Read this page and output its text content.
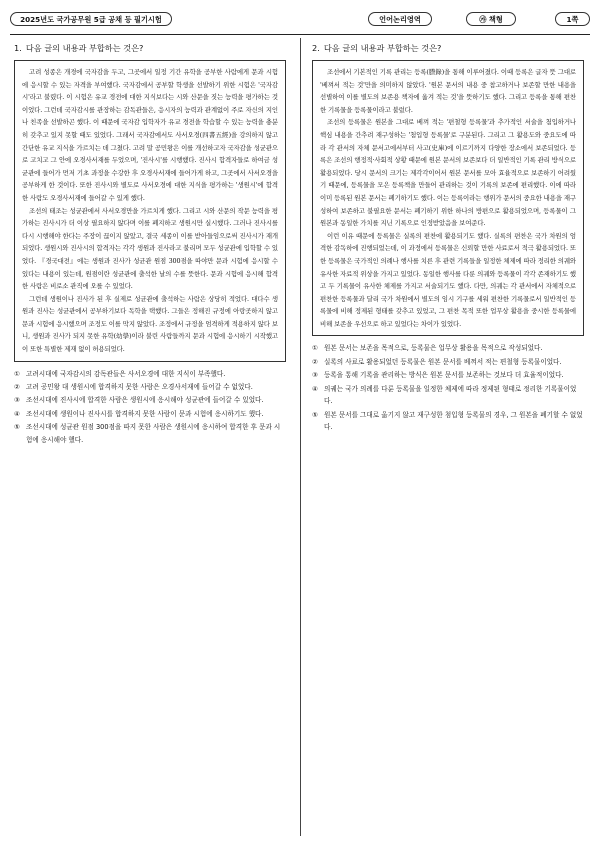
2025년도 국가공무원 5급 공채 등 필기시험	언어논리영역	㉮ 책형	1쪽
1. 다음 글의 내용과 부합하는 것은?

고려 성종은 개경에 국자감을 두고, 그곳에서 일정 기간 유학을 공부한 사람에게 문과 시험에 응시할 수 있는 자격을 부여했다. 국자감에서 공부할 학생을 선발하기 위한 시험은 '국자감시'라고 불렸다. 이 시험은 유교 경전에 대한 지식보다는 시와 산문을 짓는 능력을 평가하는 것이었다. 그런데 국자감시를 관장하는 감독관들은, 응시자의 능력과 관계없이 주로 자신의 지인나 친족을 선발하곤 했다. 이 때문에 국자감 입학자가 유교 경전을 학습할 수 있는 능력을 충분히 갖추고 있지 못할 때도 있었다. 그래서 국자감에서도 사서오경(四書五經)을 강의하지 않고 간단한 유교 지식을 가르치는 데 그쳤다. 고려 말 공민왕은 이를 개선하고자 국자감을 성균관으로 고치고 그 안에 오경사서재를 두었으며, '진사시'를 시행했다. 진사시 합격자들로 하여금 성균관에 들어가 먼저 기초 과정을 수강한 후 오경사서재에 들어가게 하고, 그곳에서 사서오경을 공부하게 한 것이다. 또한 진사시와 별도로 사서오경에 대한 지식을 평가하는 '생원시'에 합격한 사람도 오경사서재에 들어갈 수 있게 했다.

조선의 태조는 성균관에서 사서오경만을 가르치게 했다. 그리고 시와 산문의 작문 능력을 평가하는 진사시가 더 이상 필요하지 않다며 이를 폐지하고 생원시만 실시했다. 그러나 진사시를 다시 시행해야 한다는 주장이 끊이지 않았고, 결국 세종이 이를 받아들임으로써 진사시가 재개되었다. 생원시와 진사시의 합격자는 각각 생원과 진사라고 불리며 모두 성균관에 입학할 수 있었다. 『경국대전』에는 생원과 진사가 성균관 원점 300점을 따야만 문과 시험에 응시할 수 있다는 내용이 있는데, 원점이란 성균관에 출석한 날의 수를 뜻한다. 문과 시험에 응시해 합격한 사람은 비로소 관직에 오를 수 있었다.

그런데 생원이나 진사가 된 후 실제로 성균관에 출석하는 사람은 상당히 적었다. 대다수 생원과 진사는 성균관에서 공부하기보다 독학을 택했다. 그들은 정해진 규정에 아랑곳하지 않고 문과 시험에 응시했으며 조정도 이를 막지 않았다. 조정에서 규정을 엄격하게 적용하지 않다 보니, 생원과 진사가 되지 못한 유학(幼學)이라 불린 사람들까지 문과 시험에 응시하기 시작했고 이 또한 특별한 제재 없이 허용되었다.

① 고려시대에 국자감시의 감독관들은 사서오경에 대한 지식이 부족했다.
② 고려 공민왕 대 생원시에 합격하지 못한 사람은 오경사서재에 들어갈 수 없었다.
③ 조선시대에 진사시에 합격한 사람은 생원시에 응시해야 성균관에 들어갈 수 있었다.
④ 조선시대에 생원이나 진사시를 합격하지 못한 사람이 문과 시험에 응시하기도 했다.
⑤ 조선시대에 성균관 원점 300점을 따지 못한 사람은 생원시에 응시하여 합격한 후 문과 시험에 응시해야 했다.
2. 다음 글의 내용과 부합하는 것은?

조선에서 기본적인 기록 관리는 등록(謄錄)을 통해 이루어졌다. 이때 등록은 글자 뜻 그대로 '베껴서 적는 것'만을 의미하지 않았다. '원본 문서의 내용 중 참고하거나 보존할 만한 내용을 선별하여 이를 별도의 보존용 책자에 옮겨 적는 것'을 뜻하기도 했다. 그리고 등록을 통해 편찬한 기록물을 등록물이라고 불렀다.

조선의 등록물은 원본을 그대로 베껴 적는 '편철형 등록물'과 추가적인 서술을 첨입하거나 핵심 내용을 간추려 재구성하는 '첨입형 등록물'로 구분된다. 그리고 그 활용도와 중요도에 따라 각 관서의 자체 문서고에서부터 사고(史庫)에 이르기까지 다양한 장소에서 보존되었다. 등록은 조선의 행정적·사회적 상황 때문에 원본 문서의 보존보다 더 일반적인 기록 관리 방식으로 활용되었다. 당시 문서의 크기는 제각각이어서 원본 문서를 모아 효율적으로 보존하기 어려웠기 때문에, 등록물을 모은 등록책을 만들어 관리하는 것이 기록의 보존에 편리했다. 이에 따라 이미 등록된 원본 문서는 폐기하기도 했다. 이는 등록이라는 행위가 문서의 중요한 내용을 재구성하여 보존하고 불필요한 문서는 폐기하기 위한 하나의 방편으로 활용되었으며, 등록물이 그 원본과 동일한 가치를 지닌 기록으로 인정받았음을 보여준다.

이런 이유 때문에 등록물은 실록의 편찬에 활용되기도 했다. 실록의 편찬은 국가 차원의 엄격한 감독하에 진행되었는데, 이 과정에서 등록물은 신뢰할 만한 사료로서 적극 활용되었다. 또한 등록물은 국가적인 의례나 행사를 치른 후 관련 기록들을 일정한 체제에 따라 정리한 의궤와 유사한 자료적 위상을 가지고 있었다. 동일한 행사를 다룬 의궤와 등록물이 각각 존재하기도 했고 두 기록물이 유사한 체제를 가지고 서술되기도 했다. 다만, 의궤는 각 관서에서 자체적으로 편찬한 등록물과 달리 국가 차원에서 별도의 임시 기구를 세워 편찬한 기록물로서 일반적인 등록물에 비해 정제된 형태를 갖추고 있었고, 그 편찬 목적 또한 업무상 활용을 중시한 등록물에 비해 보존을 우선으로 하고 있었다는 차이가 있었다.

① 원본 문서는 보존을 목적으로, 등록물은 업무상 활용을 목적으로 작성되었다.
② 실록의 사료로 활용되었던 등록물은 원본 문서를 베껴서 적는 편철형 등록물이었다.
③ 등록을 통해 기록을 관리하는 방식은 원본 문서를 보존하는 것보다 더 효율적이었다.
④ 의궤는 국가 의례를 다룬 등록물을 일정한 체제에 따라 정제된 형태로 정리한 기록물이었다.
⑤ 원본 문서를 그대로 옮기지 않고 재구성한 첨입형 등록물의 경우, 그 원본을 폐기할 수 없었다.
